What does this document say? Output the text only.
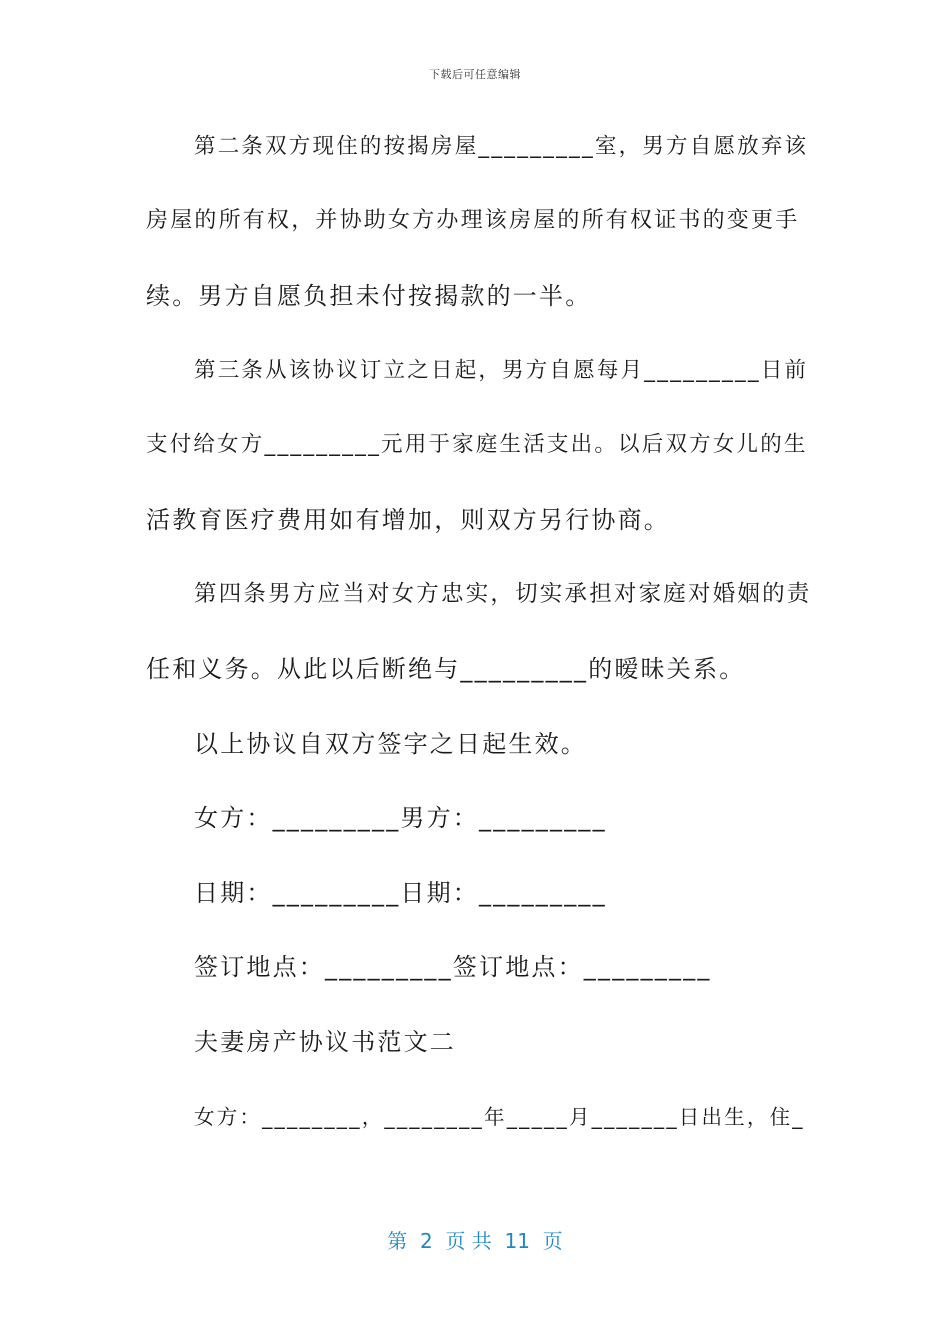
下载后可任意编辑
第二条双方现住的按揭房屋_________室，男方自愿放弃该
房屋的所有权，并协助女方办理该房屋的所有权证书的变更手
续。男方自愿负担未付按揭款的一半。
第三条从该协议订立之日起，男方自愿每月_________日前
支付给女方_________元用于家庭生活支出。以后双方女儿的生
活教育医疗费用如有增加，则双方另行协商。
第四条男方应当对女方忠实，切实承担对家庭对婚姻的责
任和义务。从此以后断绝与_________的暧昧关系。
以上协议自双方签字之日起生效。
女方：_________男方：_________
日期：_________日期：_________
签订地点：_________签订地点：_________
夫妻房产协议书范文二
女方：________，________年_____月_______日出生，住_
第  2  页 共  11  页
